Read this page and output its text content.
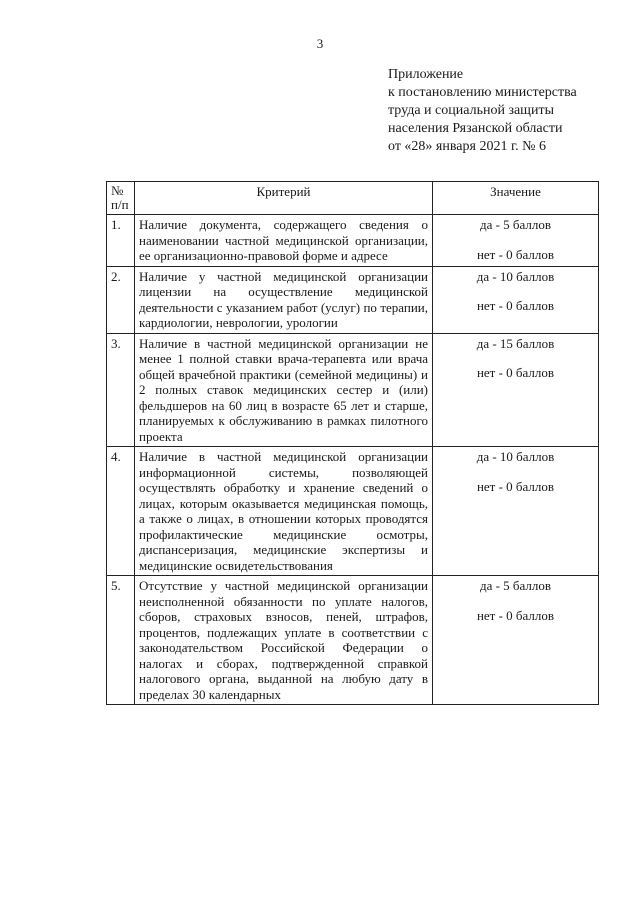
3
Приложение
к постановлению министерства
труда и социальной защиты
населения Рязанской области
от «28» января 2021 г. № 6
№
п/п	Критерий	Значение
1.	Наличие документа, содержащего сведения о наименовании частной медицинской организации, ее организационно-правовой форме и адресе	да - 5 баллов
нет - 0 баллов

2.	Наличие у частной медицинской организации лицензии на осуществление медицинской деятельности с указанием работ (услуг) по терапии, кардиологии, неврологии, урологии	да - 10 баллов
нет - 0 баллов

3.	Наличие в частной медицинской организации не менее 1 полной ставки врача-терапевта или врача общей врачебной практики (семейной медицины) и 2 полных ставок медицинских сестер и (или) фельдшеров на 60 лиц в возрасте 65 лет и старше, планируемых к обслуживанию в рамках пилотного проекта	да - 15 баллов
нет - 0 баллов

4.	Наличие в частной медицинской организации информационной системы, позволяющей осуществлять обработку и хранение сведений о лицах, которым оказывается медицинская помощь, а также о лицах, в отношении которых проводятся профилактические медицинские осмотры, диспансеризация, медицинские экспертизы и медицинские освидетельствования	да - 10 баллов
нет - 0 баллов

5.	Отсутствие у частной медицинской организации неисполненной обязанности по уплате налогов, сборов, страховых взносов, пеней, штрафов, процентов, подлежащих уплате в соответствии с законодательством Российской Федерации о налогах и сборах, подтвержденной справкой налогового органа, выданной на любую дату в пределах 30 календарных	да - 5 баллов
нет - 0 баллов
